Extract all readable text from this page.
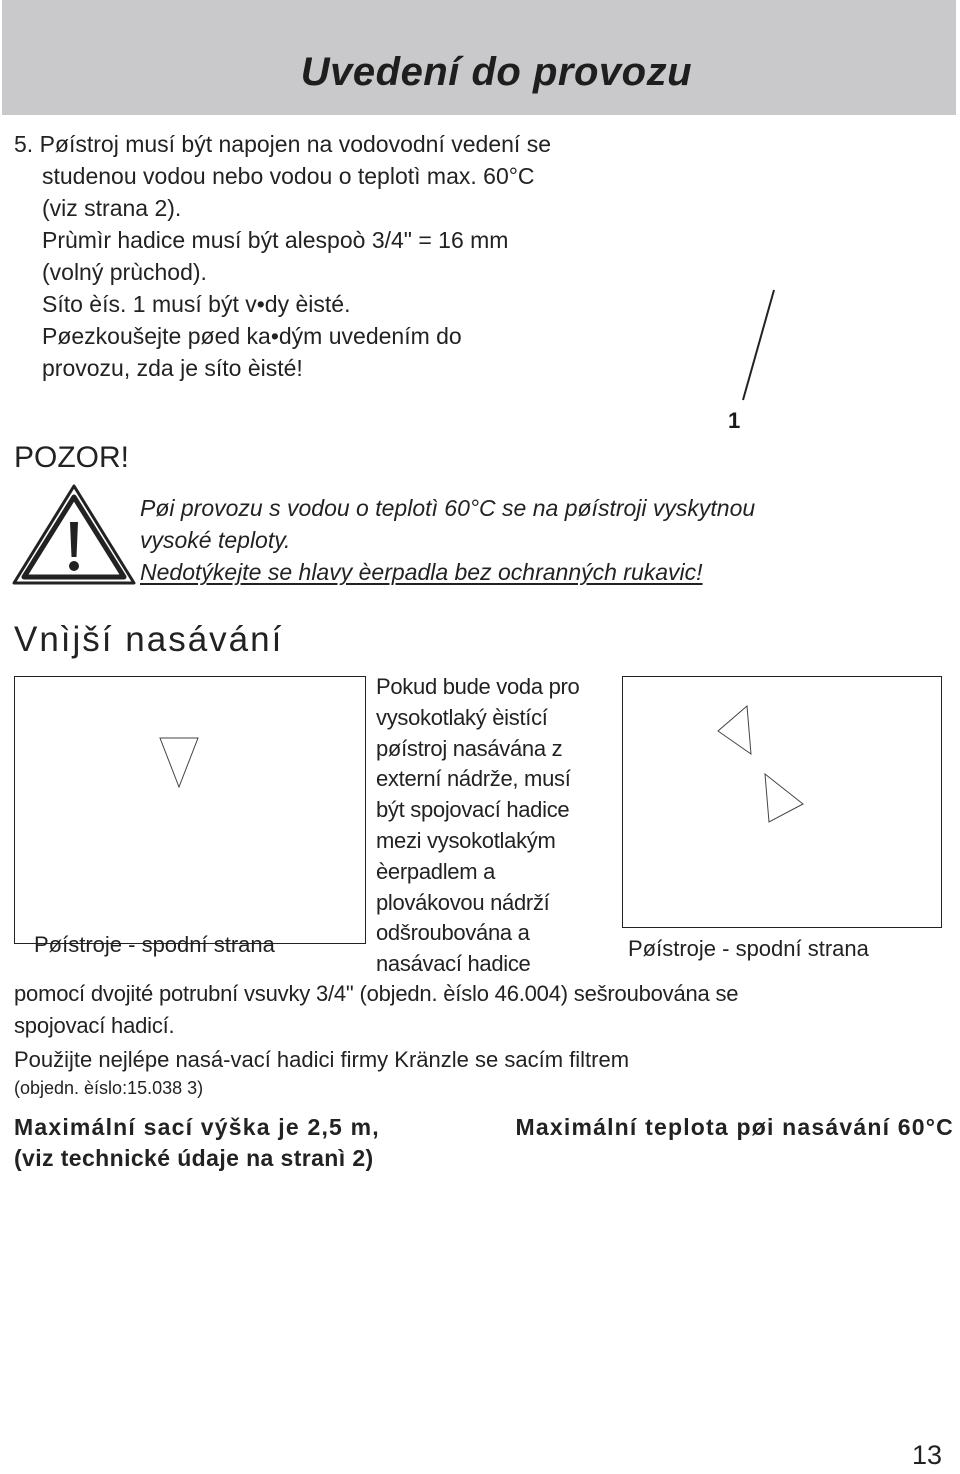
Uvedení do provozu
5. Pøístroj musí být napojen na vodovodní vedení se
studenou vodou nebo vodou o teplotì max. 60°C
(viz strana 2).
Prùmìr hadice musí být alespoò 3/4" = 16 mm
(volný prùchod).
Síto èís. 1 musí být v•dy èisté.
Pøezkoušejte pøed ka•dým uvedením do
provozu, zda je síto èisté!
1
POZOR!
Pøi provozu s vodou o teplotì 60°C se na pøístroji vyskytnou
vysoké teploty.
Nedotýkejte se hlavy èerpadla bez ochranných rukavic!
Vnìjší nasávání
Pokud bude voda pro
vysokotlaký èistící
pøístroj nasávána z
externí nádrže, musí
být spojovací hadice
mezi vysokotlakým
èerpadlem a
plovákovou nádrží
odšroubována a
nasávací hadice
Pøístroje - spodní strana	Pøístroje - spodní strana
pomocí dvojité potrubní vsuvky 3/4" (objedn. èíslo 46.004) sešroubována se
spojovací hadicí.
Použijte nejlépe nasá-vací hadici firmy Kränzle se sacím filtrem
(objedn. èíslo:15.038 3)
Maximální sací výška je 2,5 m,	Maximální teplota pøi nasávání 60°C
(viz technické údaje na stranì 2)
13
